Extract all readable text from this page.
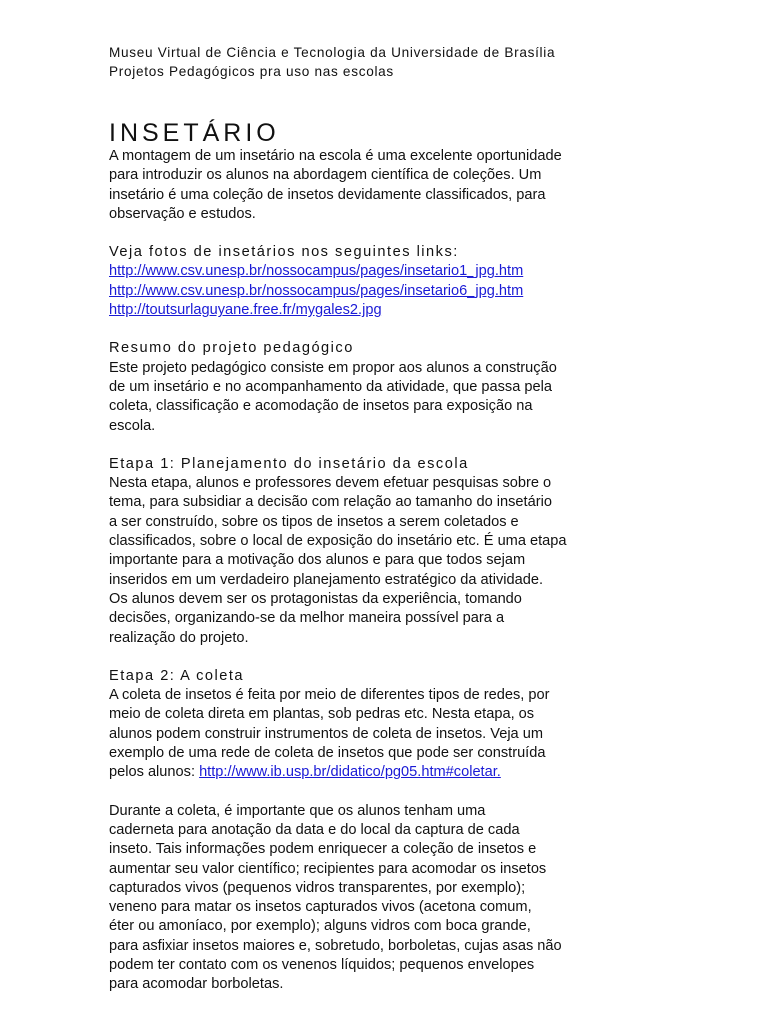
Museu Virtual de Ciência e Tecnologia da Universidade de Brasília
Projetos Pedagógicos pra uso nas escolas
INSETÁRIO
A montagem de um insetário na escola é uma excelente oportunidade
para introduzir os alunos na abordagem científica de coleções. Um
insetário é uma coleção de insetos devidamente classificados, para
observação e estudos.
Veja fotos de insetários nos seguintes links:
http://www.csv.unesp.br/nossocampus/pages/insetario1_jpg.htm
http://www.csv.unesp.br/nossocampus/pages/insetario6_jpg.htm
http://toutsurlaguyane.free.fr/mygales2.jpg
Resumo do projeto pedagógico
Este projeto pedagógico consiste em propor aos alunos a construção
de um insetário e no acompanhamento da atividade, que passa pela
coleta, classificação e acomodação de insetos para exposição na
escola.
Etapa 1: Planejamento do insetário da escola
Nesta etapa, alunos e professores devem efetuar pesquisas sobre o
tema, para subsidiar a decisão com relação ao tamanho do insetário
a ser construído, sobre os tipos de insetos a serem coletados e
classificados, sobre o local de exposição do insetário etc. É uma etapa
importante para a motivação dos alunos e para que todos sejam
inseridos em um verdadeiro planejamento estratégico da atividade.
Os alunos devem ser os protagonistas da experiência, tomando
decisões, organizando-se da melhor maneira possível para a
realização do projeto.
Etapa 2: A coleta
A coleta de insetos é feita por meio de diferentes tipos de redes, por
meio de coleta direta em plantas, sob pedras etc. Nesta etapa, os
alunos podem construir instrumentos de coleta de insetos. Veja um
exemplo de uma rede de coleta de insetos que pode ser construída
pelos alunos: http://www.ib.usp.br/didatico/pg05.htm#coletar.
Durante a coleta, é importante que os alunos tenham uma
caderneta para anotação da data e do local da captura de cada
inseto. Tais informações podem enriquecer a coleção de insetos e
aumentar seu valor científico; recipientes para acomodar os insetos
capturados vivos (pequenos vidros transparentes, por exemplo);
veneno para matar os insetos capturados vivos (acetona comum,
éter ou amoníaco, por exemplo); alguns vidros com boca grande,
para asfixiar insetos maiores e, sobretudo, borboletas, cujas asas não
podem ter contato com os venenos líquidos; pequenos envelopes
para acomodar borboletas.
